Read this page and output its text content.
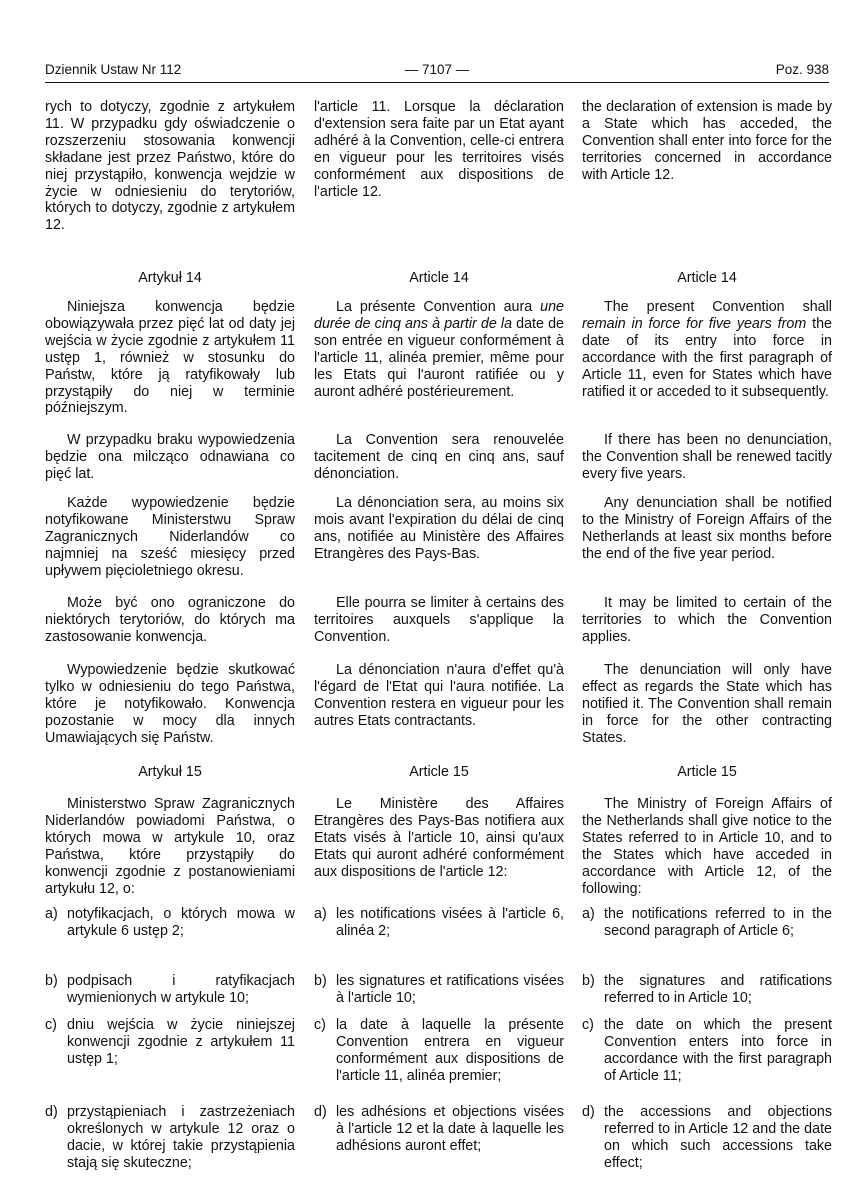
Dziennik Ustaw Nr 112	— 7107 —	Poz. 938

rych to dotyczy, zgodnie z artykułem 11. W przypadku gdy oświadczenie o rozszerzeniu stosowania konwencji składane jest przez Państwo, które do niej przystąpiło, konwencja wejdzie w życie w odniesieniu do terytoriów, których to dotyczy, zgodnie z artykułem 12.

Artykuł 14

Niniejsza konwencja będzie obowiązywała przez pięć lat od daty jej wejścia w życie zgodnie z artykułem 11 ustęp 1, również w stosunku do Państw, które ją ratyfikowały lub przystąpiły do niej w terminie późniejszym.

W przypadku braku wypowiedzenia będzie ona milcząco odnawiana co pięć lat.

Każde wypowiedzenie będzie notyfikowane Ministerstwu Spraw Zagranicznych Niderlandów co najmniej na sześć miesięcy przed upływem pięcioletniego okresu.

Może być ono ograniczone do niektórych terytoriów, do których ma zastosowanie konwencja.

Wypowiedzenie będzie skutkować tylko w odniesieniu do tego Państwa, które je notyfikowało. Konwencja pozostanie w mocy dla innych Umawiających się Państw.

Artykuł 15

Ministerstwo Spraw Zagranicznych Niderlandów powiadomi Państwa, o których mowa w artykule 10, oraz Państwa, które przystąpiły do konwencji zgodnie z postanowieniami artykułu 12, o:

a) notyfikacjach, o których mowa w artykule 6 ustęp 2;
b) podpisach i ratyfikacjach wymienionych w artykule 10;
c) dniu wejścia w życie niniejszej konwencji zgodnie z artykułem 11 ustęp 1;
d) przystąpieniach i zastrzeżeniach określonych w artykule 12 oraz o dacie, w której takie przystąpienia stają się skuteczne;

l'article 11. Lorsque la déclaration d'extension sera faite par un Etat ayant adhéré à la Convention, celle-ci entrera en vigueur pour les territoires visés conformément aux dispositions de l'article 12.

Article 14

La présente Convention aura une durée de cinq ans à partir de la date de son entrée en vigueur conformément à l'article 11, alinéa premier, même pour les Etats qui l'auront ratifiée ou y auront adhéré postérieurement.

La Convention sera renouvelée tacitement de cinq en cinq ans, sauf dénonciation.

La dénonciation sera, au moins six mois avant l'expiration du délai de cinq ans, notifiée au Ministère des Affaires Etrangères des Pays-Bas.

Elle pourra se limiter à certains des territoires auxquels s'applique la Convention.

La dénonciation n'aura d'effet qu'à l'égard de l'Etat qui l'aura notifiée. La Convention restera en vigueur pour les autres Etats contractants.

Article 15

Le Ministère des Affaires Etrangères des Pays-Bas notifiera aux Etats visés à l'article 10, ainsi qu'aux Etats qui auront adhéré conformément aux dispositions de l'article 12:

a) les notifications visées à l'article 6, alinéa 2;
b) les signatures et ratifications visées à l'article 10;
c) la date à laquelle la présente Convention entrera en vigueur conformément aux dispositions de l'article 11, alinéa premier;
d) les adhésions et objections visées à l'article 12 et la date à laquelle les adhésions auront effet;

the declaration of extension is made by a State which has acceded, the Convention shall enter into force for the territories concerned in accordance with Article 12.

Article 14

The present Convention shall remain in force for five years from the date of its entry into force in accordance with the first paragraph of Article 11, even for States which have ratified it or acceded to it subsequently.

If there has been no denunciation, the Convention shall be renewed tacitly every five years.

Any denunciation shall be notified to the Ministry of Foreign Affairs of the Netherlands at least six months before the end of the five year period.

It may be limited to certain of the territories to which the Convention applies.

The denunciation will only have effect as regards the State which has notified it. The Convention shall remain in force for the other contracting States.

Article 15

The Ministry of Foreign Affairs of the Netherlands shall give notice to the States referred to in Article 10, and to the States which have acceded in accordance with Article 12, of the following:

a) the notifications referred to in the second paragraph of Article 6;
b) the signatures and ratifications referred to in Article 10;
c) the date on which the present Convention enters into force in accordance with the first paragraph of Article 11;
d) the accessions and objections referred to in Article 12 and the date on which such accessions take effect;
